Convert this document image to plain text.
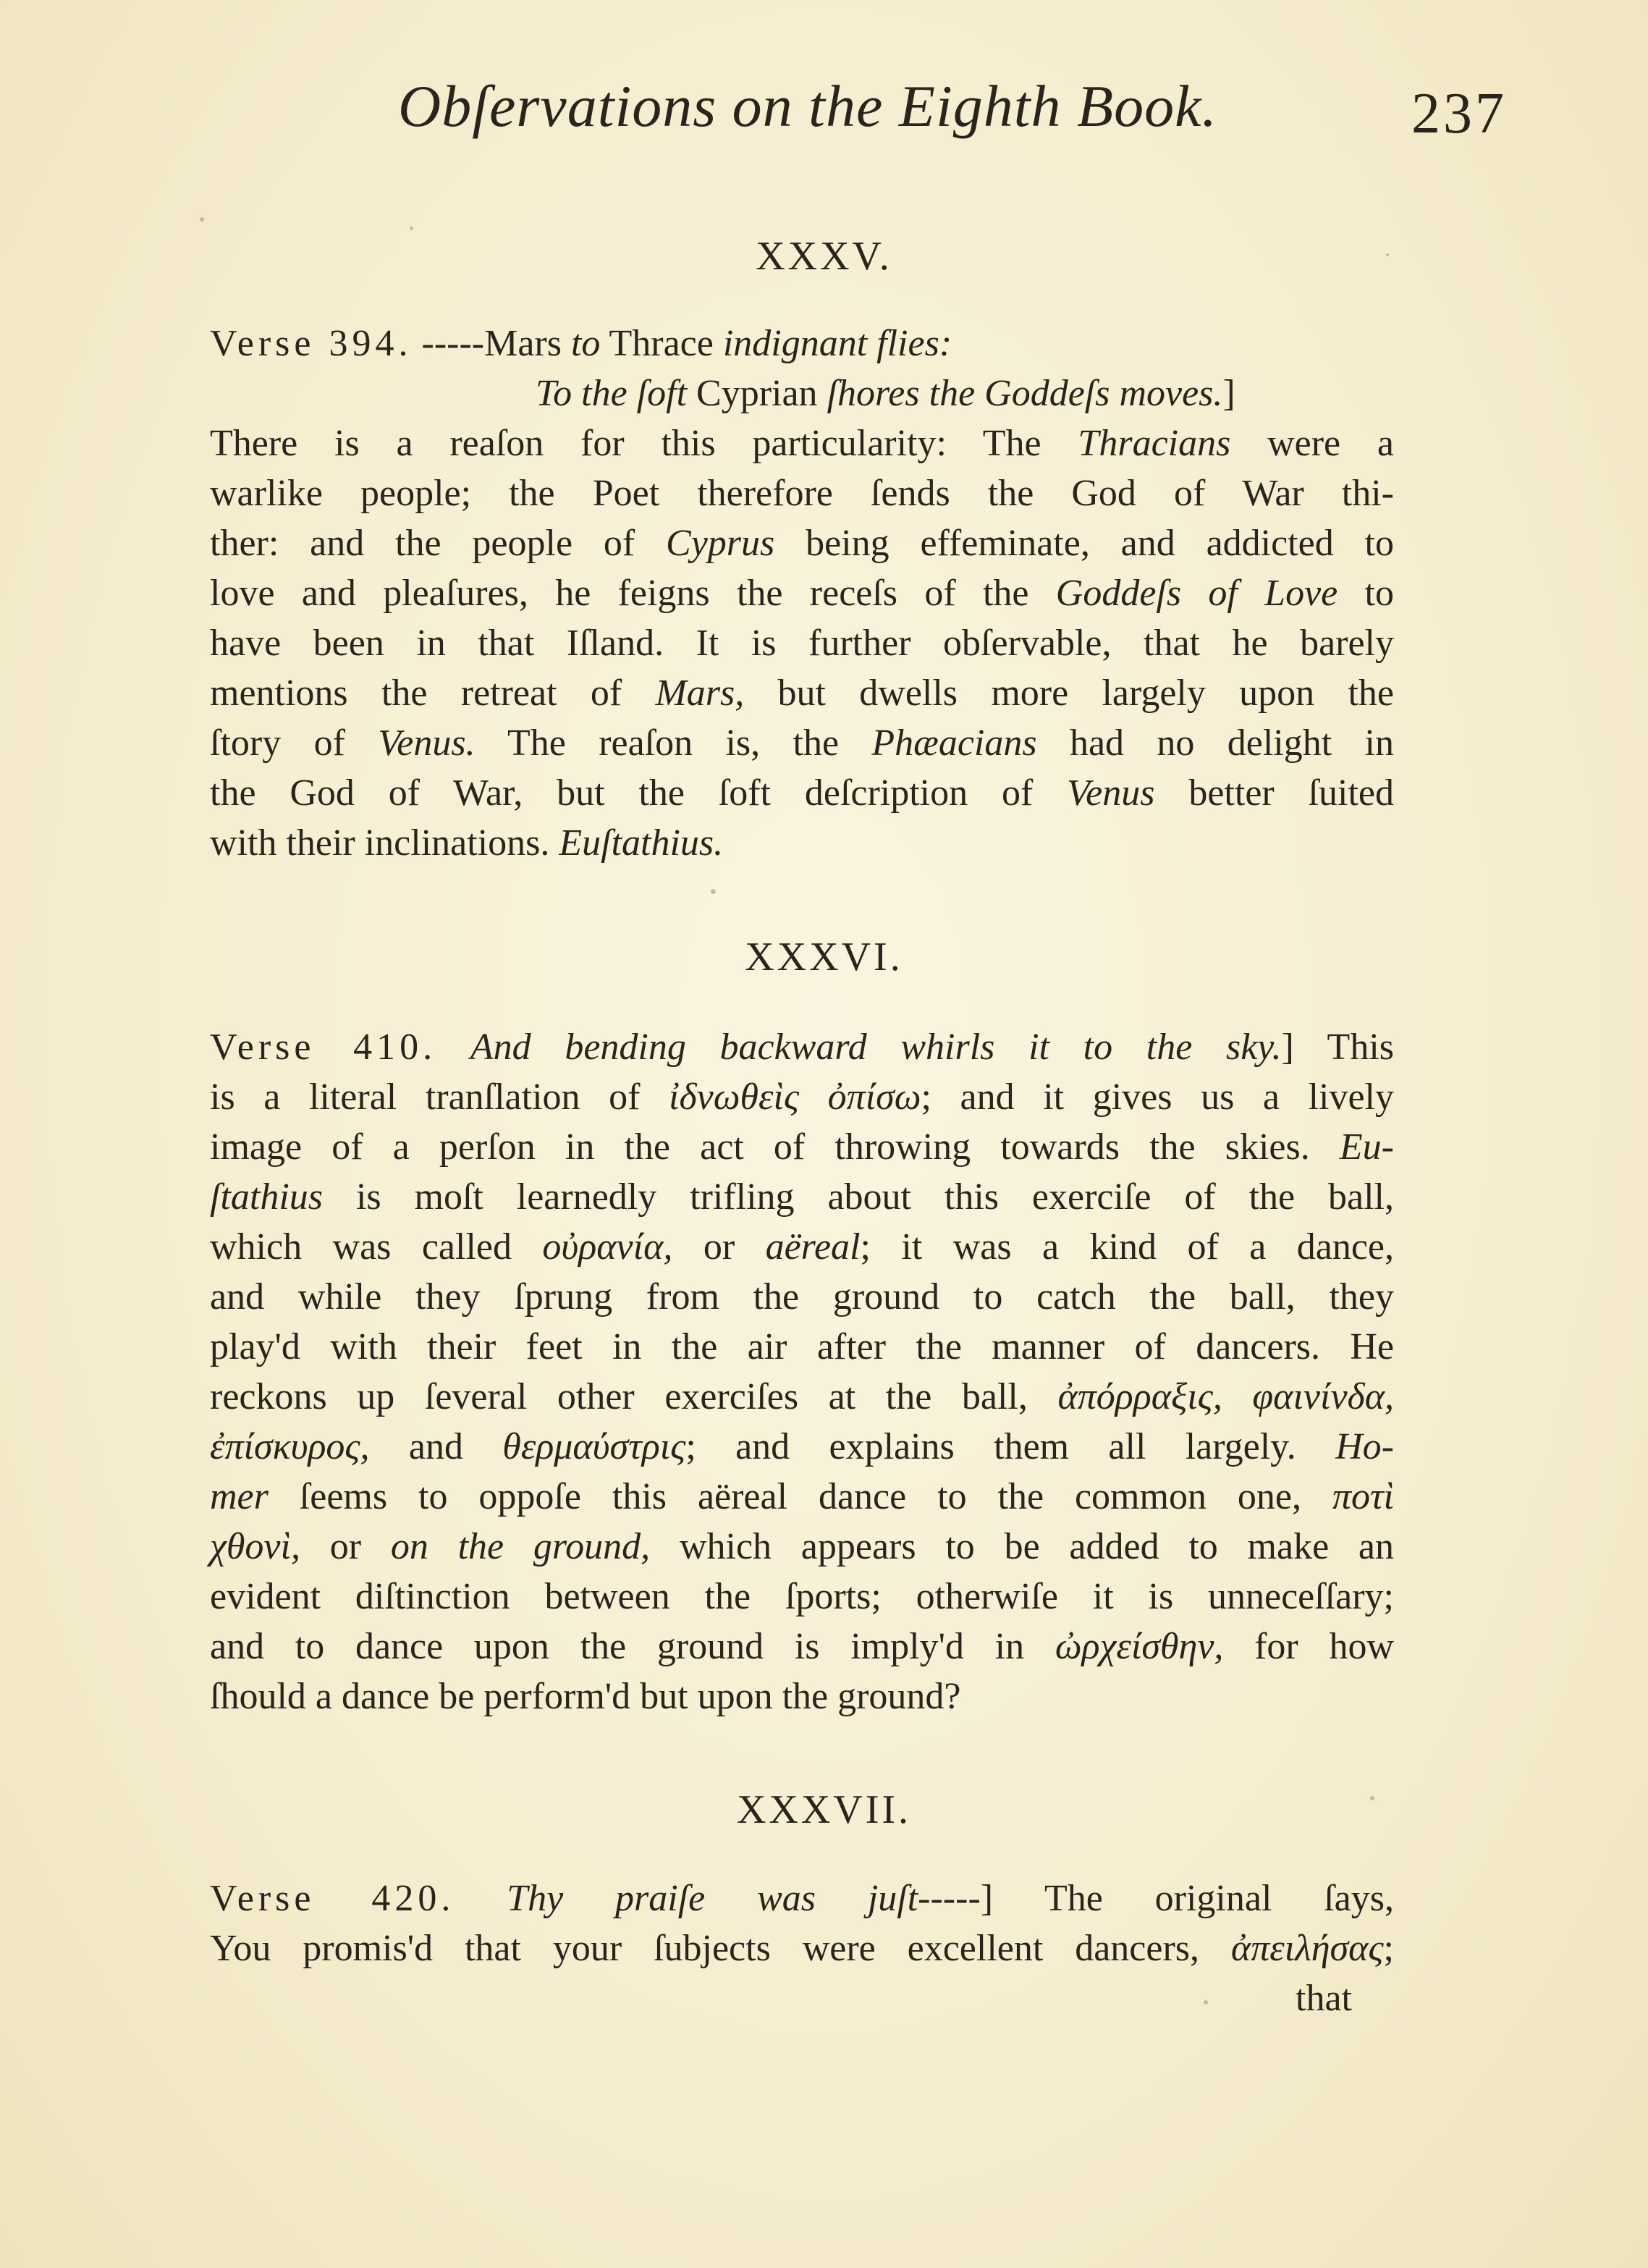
Obſervations on the Eighth Book.	237
XXXV.
Verse 394. -----Mars to Thrace indignant flies:
To the ſoft Cyprian ſhores the Goddeſs moves.]
There is a reaſon for this particularity: The Thracians were a
warlike people; the Poet therefore ſends the God of War thi-
ther: and the people of Cyprus being effeminate, and addicted to
love and pleaſures, he feigns the receſs of the Goddeſs of Love to
have been in that Iſland. It is further obſervable, that he barely
mentions the retreat of Mars, but dwells more largely upon the
ſtory of Venus. The reaſon is, the Phæacians had no delight in
the God of War, but the ſoft deſcription of Venus better ſuited
with their inclinations. Euſtathius.
XXXVI.
Verse 410. And bending backward whirls it to the sky.] This
is a literal tranſlation of ἰδνωθεὶς ὀπίσω; and it gives us a lively
image of a perſon in the act of throwing towards the skies. Eu-
ſtathius is moſt learnedly trifling about this exerciſe of the ball,
which was called οὐρανία, or aëreal; it was a kind of a dance,
and while they ſprung from the ground to catch the ball, they
play'd with their feet in the air after the manner of dancers. He
reckons up ſeveral other exerciſes at the ball, ἀπόρραξις, φαινίνδα,
ἐπίσκυρος, and θερμαύστρις; and explains them all largely. Ho-
mer ſeems to oppoſe this aëreal dance to the common one, ποτὶ
χθονὶ, or on the ground, which appears to be added to make an
evident diſtinction between the ſports; otherwiſe it is unneceſſary;
and to dance upon the ground is imply'd in ὠρχείσθην, for how
ſhould a dance be perform'd but upon the ground?
XXXVII.
Verse 420. Thy praiſe was juſt-----] The original ſays,
You promis'd that your ſubjects were excellent dancers, ἀπειλήσας;
that
